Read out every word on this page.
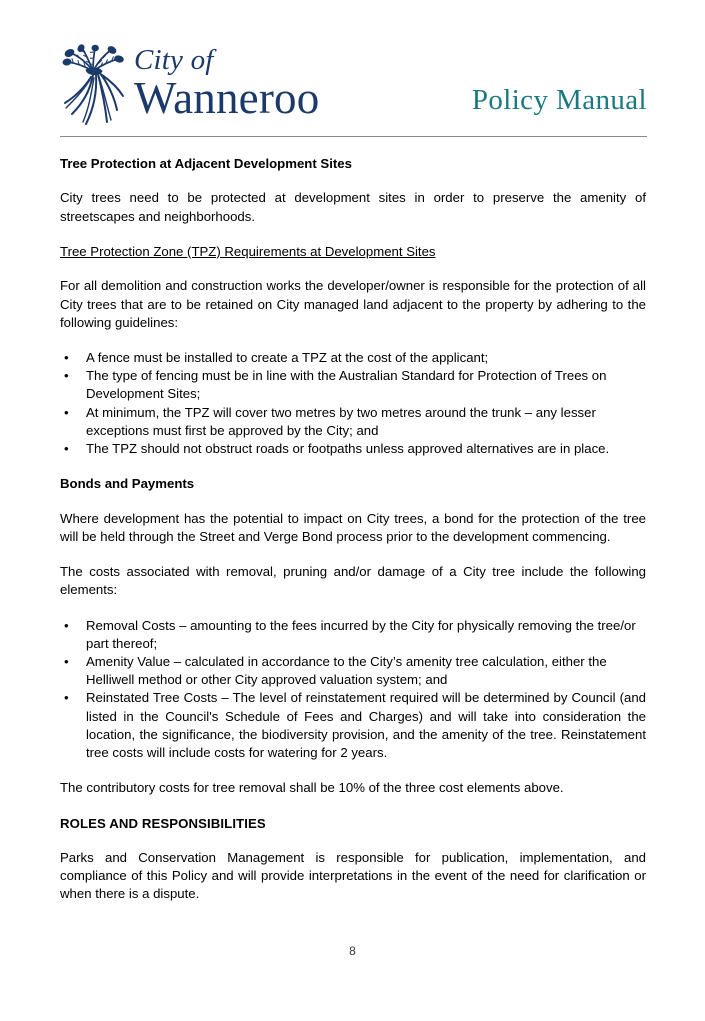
City of
Wanneroo	Policy Manual
Tree Protection at Adjacent Development Sites

City trees need to be protected at development sites in order to preserve the amenity of streetscapes and neighborhoods.

Tree Protection Zone (TPZ) Requirements at Development Sites

For all demolition and construction works the developer/owner is responsible for the protection of all City trees that are to be retained on City managed land adjacent to the property by adhering to the following guidelines:

• A fence must be installed to create a TPZ at the cost of the applicant;
• The type of fencing must be in line with the Australian Standard for Protection of Trees on Development Sites;
• At minimum, the TPZ will cover two metres by two metres around the trunk – any lesser exceptions must first be approved by the City; and
• The TPZ should not obstruct roads or footpaths unless approved alternatives are in place.
Bonds and Payments

Where development has the potential to impact on City trees, a bond for the protection of the tree will be held through the Street and Verge Bond process prior to the development commencing.

The costs associated with removal, pruning and/or damage of a City tree include the following elements:

• Removal Costs – amounting to the fees incurred by the City for physically removing the tree/or part thereof;
• Amenity Value – calculated in accordance to the City’s amenity tree calculation, either the Helliwell method or other City approved valuation system; and
• Reinstated Tree Costs – The level of reinstatement required will be determined by Council (and listed in the Council's Schedule of Fees and Charges) and will take into consideration the location, the significance, the biodiversity provision, and the amenity of the tree. Reinstatement tree costs will include costs for watering for 2 years.

The contributory costs for tree removal shall be 10% of the three cost elements above.

ROLES AND RESPONSIBILITIES

Parks and Conservation Management is responsible for publication, implementation, and compliance of this Policy and will provide interpretations in the event of the need for clarification or when there is a dispute.

8
